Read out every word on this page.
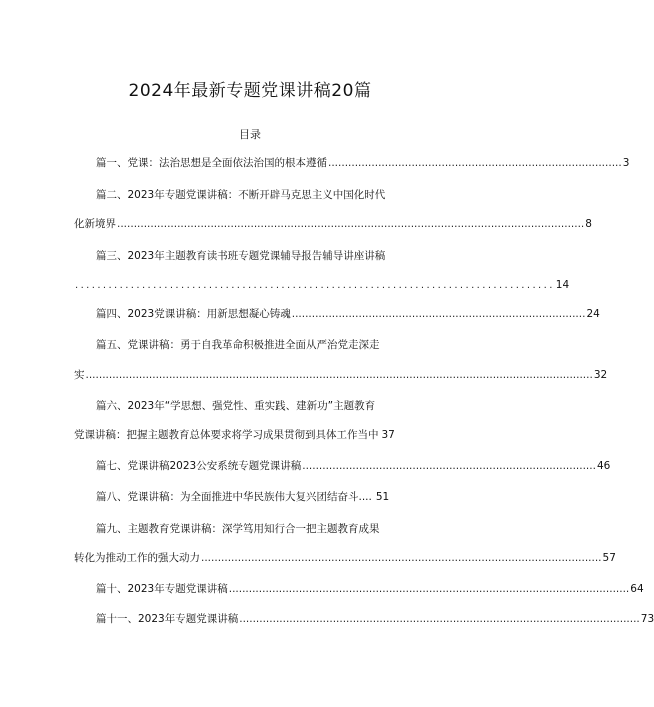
2024年最新专题党课讲稿20篇
目录
篇一、党课：法治思想是全面依法治国的根本遵循 ........................................................................................ 3
篇二、2023年专题党课讲稿：不断开辟马克思主义中国化时代
化新境界 ............................................................................................................................................ 8
篇三、2023年主题教育读书班专题党课辅导报告辅导讲座讲稿
...................................................................................... 14
篇四、2023党课讲稿：用新思想凝心铸魂 ........................................................................................ 24
篇五、党课讲稿：勇于自我革命积极推进全面从严治党走深走
实 ........................................................................................................................................................ 32
篇六、2023年“学思想、强党性、重实践、建新功”主题教育
党课讲稿：把握主题教育总体要求将学习成果贯彻到具体工作当中 37
篇七、党课讲稿2023公安系统专题党课讲稿 ........................................................................................ 46
篇八、党课讲稿：为全面推进中华民族伟大复兴团结奋斗.... 51
篇九、主题教育党课讲稿：深学笃用知行合一把主题教育成果
转化为推动工作的强大动力 ........................................................................................................................ 57
篇十、2023年专题党课讲稿 ........................................................................................................................ 64
篇十一、2023年专题党课讲稿 ........................................................................................................................ 73
